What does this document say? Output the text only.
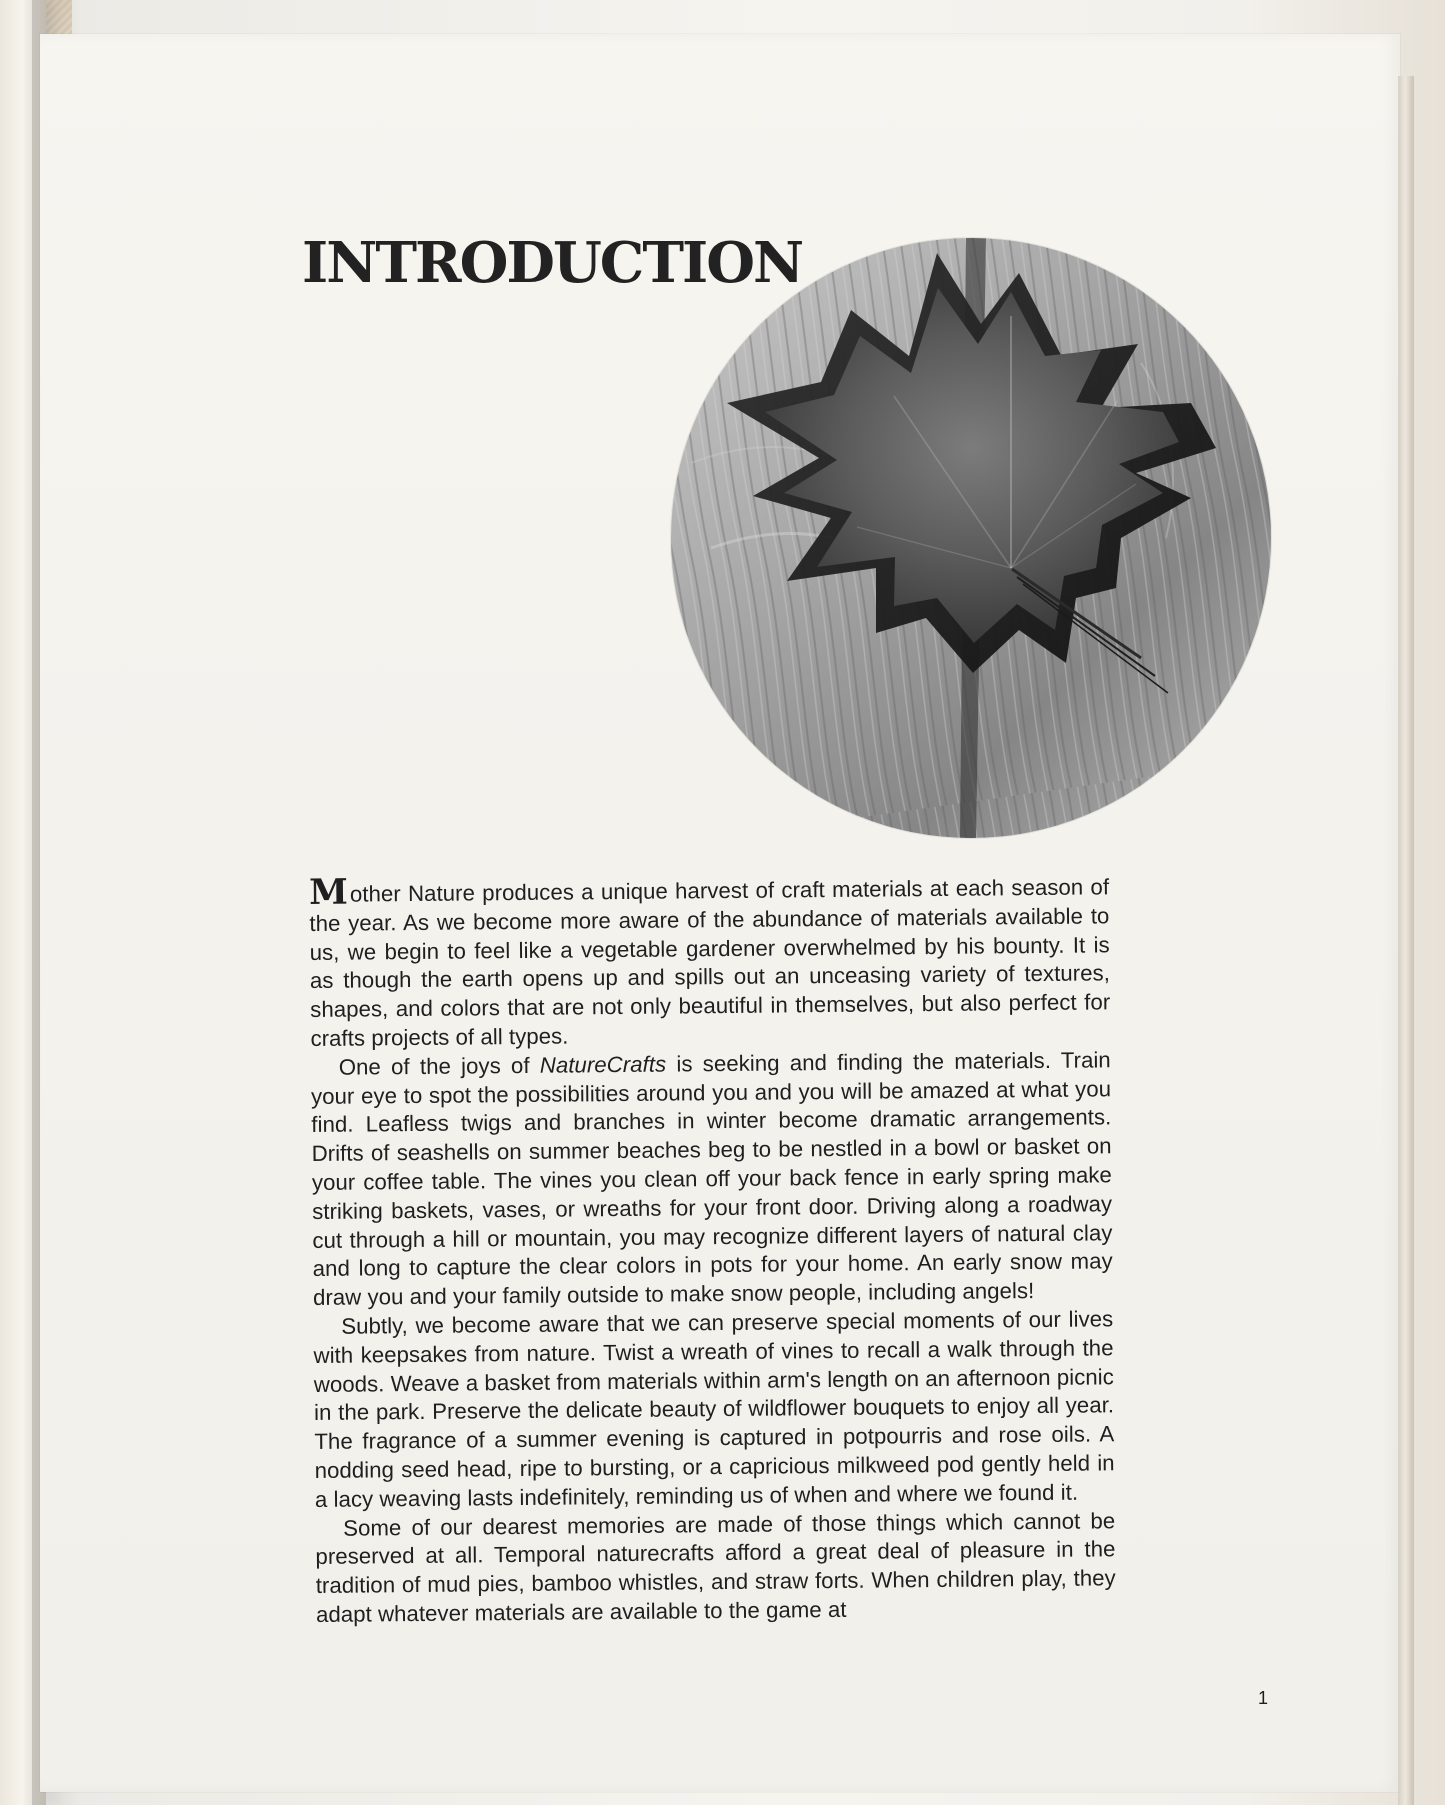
INTRODUCTION

Mother Nature produces a unique harvest of craft materials at each season of the year. As we become more aware of the abundance of materials available to us, we begin to feel like a vegetable gardener overwhelmed by his bounty. It is as though the earth opens up and spills out an unceasing variety of textures, shapes, and colors that are not only beautiful in themselves, but also perfect for crafts projects of all types.

One of the joys of NatureCrafts is seeking and finding the materials. Train your eye to spot the possibilities around you and you will be amazed at what you find. Leafless twigs and branches in winter become dramatic arrangements. Drifts of seashells on summer beaches beg to be nestled in a bowl or basket on your coffee table. The vines you clean off your back fence in early spring make striking baskets, vases, or wreaths for your front door. Driving along a roadway cut through a hill or mountain, you may recognize different layers of natural clay and long to capture the clear colors in pots for your home. An early snow may draw you and your family outside to make snow people, including angels!

Subtly, we become aware that we can preserve special moments of our lives with keepsakes from nature. Twist a wreath of vines to recall a walk through the woods. Weave a basket from materials within arm's length on an afternoon picnic in the park. Preserve the delicate beauty of wildflower bouquets to enjoy all year. The fragrance of a summer evening is captured in potpourris and rose oils. A nodding seed head, ripe to bursting, or a capricious milkweed pod gently held in a lacy weaving lasts indefinitely, reminding us of when and where we found it.

Some of our dearest memories are made of those things which cannot be preserved at all. Temporal naturecrafts afford a great deal of pleasure in the tradition of mud pies, bamboo whistles, and straw forts. When children play, they adapt whatever materials are available to the game at

1
